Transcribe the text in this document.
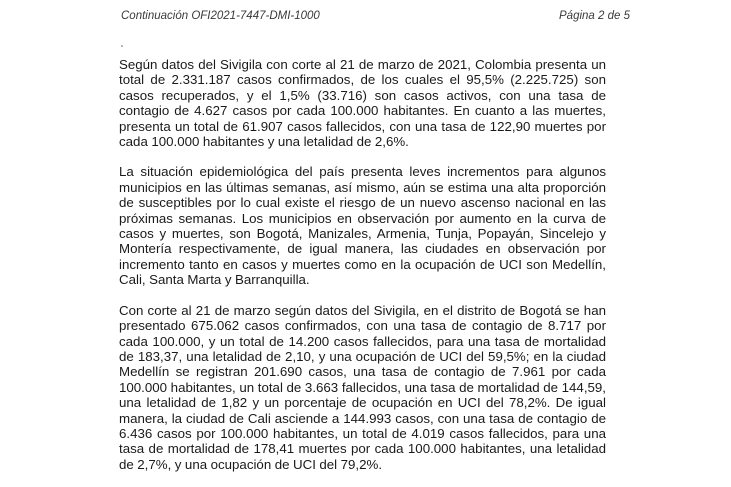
Continuación OFI2021-7447-DMI-1000	Página 2 de 5

Según datos del Sivigila con corte al 21 de marzo de 2021, Colombia presenta un total de 2.331.187 casos confirmados, de los cuales el 95,5% (2.225.725) son casos recuperados, y el 1,5% (33.716) son casos activos, con una tasa de contagio de 4.627 casos por cada 100.000 habitantes. En cuanto a las muertes, presenta un total de 61.907 casos fallecidos, con una tasa de 122,90 muertes por cada 100.000 habitantes y una letalidad de 2,6%.

La situación epidemiológica del país presenta leves incrementos para algunos municipios en las últimas semanas, así mismo, aún se estima una alta proporción de susceptibles por lo cual existe el riesgo de un nuevo ascenso nacional en las próximas semanas. Los municipios en observación por aumento en la curva de casos y muertes, son Bogotá, Manizales, Armenia, Tunja, Popayán, Sincelejo y Montería respectivamente, de igual manera, las ciudades en observación por incremento tanto en casos y muertes como en la ocupación de UCI son Medellín, Cali, Santa Marta y Barranquilla.

Con corte al 21 de marzo según datos del Sivigila, en el distrito de Bogotá se han presentado 675.062 casos confirmados, con una tasa de contagio de 8.717 por cada 100.000, y un total de 14.200 casos fallecidos, para una tasa de mortalidad de 183,37, una letalidad de 2,10, y una ocupación de UCI del 59,5%; en la ciudad Medellín se registran 201.690 casos, una tasa de contagio de 7.961 por cada 100.000 habitantes, un total de 3.663 fallecidos, una tasa de mortalidad de 144,59, una letalidad de 1,82 y un porcentaje de ocupación en UCI del 78,2%. De igual manera, la ciudad de Cali asciende a 144.993 casos, con una tasa de contagio de 6.436 casos por 100.000 habitantes, un total de 4.019 casos fallecidos, para una tasa de mortalidad de 178,41 muertes por cada 100.000 habitantes, una letalidad de 2,7%, y una ocupación de UCI del 79,2%.
